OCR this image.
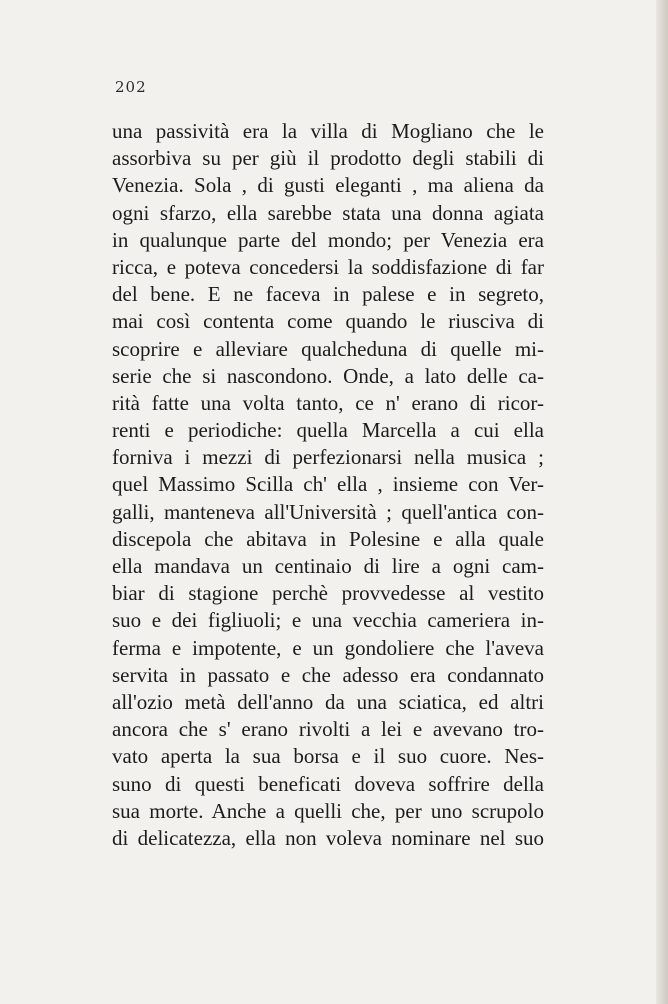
202
una passività era la villa di Mogliano che le
assorbiva su per giù il prodotto degli stabili di
Venezia. Sola , di gusti eleganti , ma aliena da
ogni sfarzo, ella sarebbe stata una donna agiata
in qualunque parte del mondo; per Venezia era
ricca, e poteva concedersi la soddisfazione di far
del bene. E ne faceva in palese e in segreto,
mai così contenta come quando le riusciva di
scoprire e alleviare qualcheduna di quelle mi-
serie che si nascondono. Onde, a lato delle ca-
rità fatte una volta tanto, ce n' erano di ricor-
renti e periodiche: quella Marcella a cui ella
forniva i mezzi di perfezionarsi nella musica ;
quel Massimo Scilla ch' ella , insieme con Ver-
galli, manteneva all'Università ; quell'antica con-
discepola che abitava in Polesine e alla quale
ella mandava un centinaio di lire a ogni cam-
biar di stagione perchè provvedesse al vestito
suo e dei figliuoli; e una vecchia cameriera in-
ferma e impotente, e un gondoliere che l'aveva
servita in passato e che adesso era condannato
all'ozio metà dell'anno da una sciatica, ed altri
ancora che s' erano rivolti a lei e avevano tro-
vato aperta la sua borsa e il suo cuore. Nes-
suno di questi beneficati doveva soffrire della
sua morte. Anche a quelli che, per uno scrupolo
di delicatezza, ella non voleva nominare nel suo
